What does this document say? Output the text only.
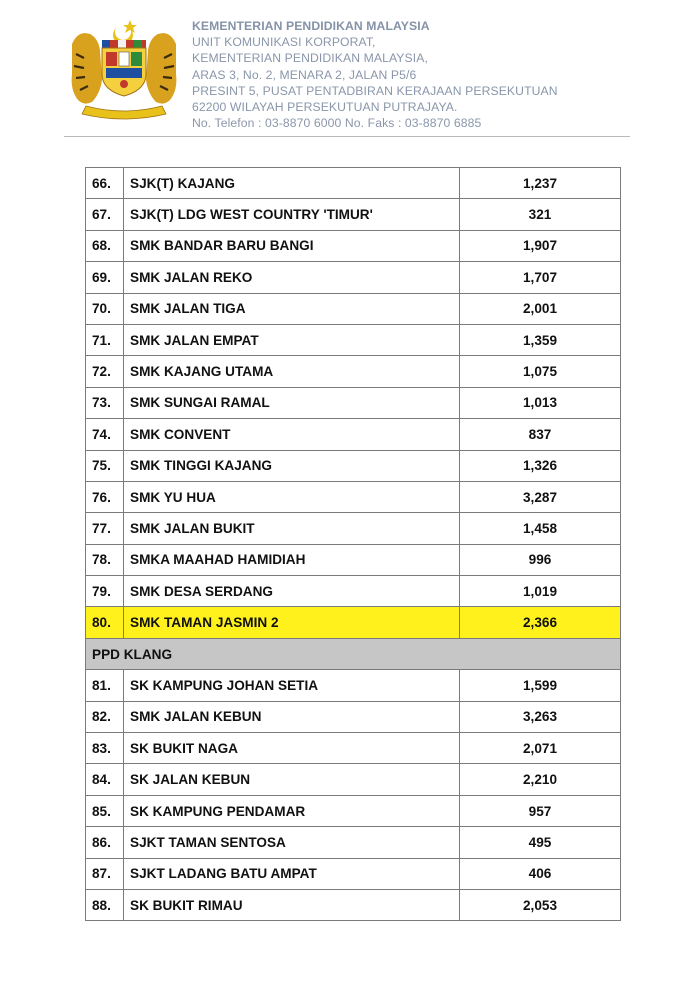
KEMENTERIAN PENDIDIKAN MALAYSIA
UNIT KOMUNIKASI KORPORAT,
KEMENTERIAN PENDIDIKAN MALAYSIA,
ARAS 3, No. 2, MENARA 2, JALAN P5/6
PRESINT 5, PUSAT PENTADBIRAN KERAJAAN PERSEKUTUAN
62200 WILAYAH PERSEKUTUAN PUTRAJAYA.
No. Telefon : 03-8870 6000 No. Faks : 03-8870 6885
66.	SJK(T) KAJANG	1,237
67.	SJK(T) LDG WEST COUNTRY 'TIMUR'	321
68.	SMK BANDAR BARU BANGI	1,907
69.	SMK JALAN REKO	1,707
70.	SMK JALAN TIGA	2,001
71.	SMK JALAN EMPAT	1,359
72.	SMK KAJANG UTAMA	1,075
73.	SMK SUNGAI RAMAL	1,013
74.	SMK CONVENT	837
75.	SMK TINGGI KAJANG	1,326
76.	SMK YU HUA	3,287
77.	SMK JALAN BUKIT	1,458
78.	SMKA MAAHAD HAMIDIAH	996
79.	SMK DESA SERDANG	1,019
80.	SMK TAMAN JASMIN 2	2,366
PPD KLANG		
81.	SK KAMPUNG JOHAN SETIA	1,599
82.	SMK JALAN KEBUN	3,263
83.	SK BUKIT NAGA	2,071
84.	SK JALAN KEBUN	2,210
85.	SK KAMPUNG PENDAMAR	957
86.	SJKT TAMAN SENTOSA	495
87.	SJKT LADANG BATU AMPAT	406
88.	SK BUKIT RIMAU	2,053
